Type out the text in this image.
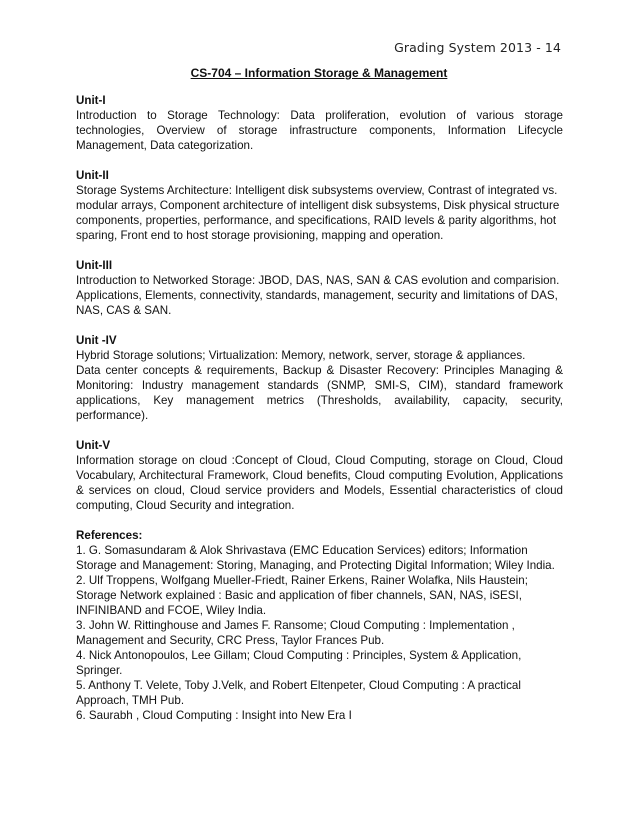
Grading System 2013 - 14
CS-704 – Information Storage & Management
Unit-I

Introduction to Storage Technology: Data proliferation, evolution of various storage technologies, Overview of storage infrastructure components, Information Lifecycle Management, Data categorization.

Unit-II

Storage Systems Architecture: Intelligent disk subsystems overview, Contrast of integrated vs. modular arrays, Component architecture of intelligent disk subsystems, Disk physical structure components, properties, performance, and specifications, RAID levels & parity algorithms, hot sparing, Front end to host storage provisioning, mapping and operation.

Unit-III

Introduction to Networked Storage: JBOD, DAS, NAS, SAN & CAS evolution and comparision. Applications, Elements, connectivity, standards, management, security and limitations of DAS, NAS, CAS & SAN.

Unit -IV

Hybrid Storage solutions; Virtualization: Memory, network, server, storage & appliances.

Data center concepts & requirements, Backup & Disaster Recovery: Principles Managing & Monitoring: Industry management standards (SNMP, SMI-S, CIM), standard framework applications, Key management metrics (Thresholds, availability, capacity, security, performance).

Unit-V

Information storage on cloud :Concept of Cloud, Cloud Computing, storage on Cloud, Cloud Vocabulary, Architectural Framework, Cloud benefits, Cloud computing Evolution, Applications & services on cloud, Cloud service providers and Models, Essential characteristics of cloud computing, Cloud Security and integration.

References:

1. G. Somasundaram & Alok Shrivastava (EMC Education Services) editors; Information Storage and Management: Storing, Managing, and Protecting Digital Information; Wiley India.

2. Ulf Troppens, Wolfgang Mueller-Friedt, Rainer Erkens, Rainer Wolafka, Nils Haustein; Storage Network explained : Basic and application of fiber channels, SAN, NAS, iSESI, INFINIBAND and FCOE, Wiley India.

3. John W. Rittinghouse and James F. Ransome; Cloud Computing : Implementation , Management and Security, CRC Press, Taylor Frances Pub.

4. Nick Antonopoulos, Lee Gillam; Cloud Computing : Principles, System & Application, Springer.

5. Anthony T. Velete, Toby J.Velk, and Robert Eltenpeter, Cloud Computing : A practical Approach, TMH Pub.

6. Saurabh , Cloud Computing : Insight into New Era I
